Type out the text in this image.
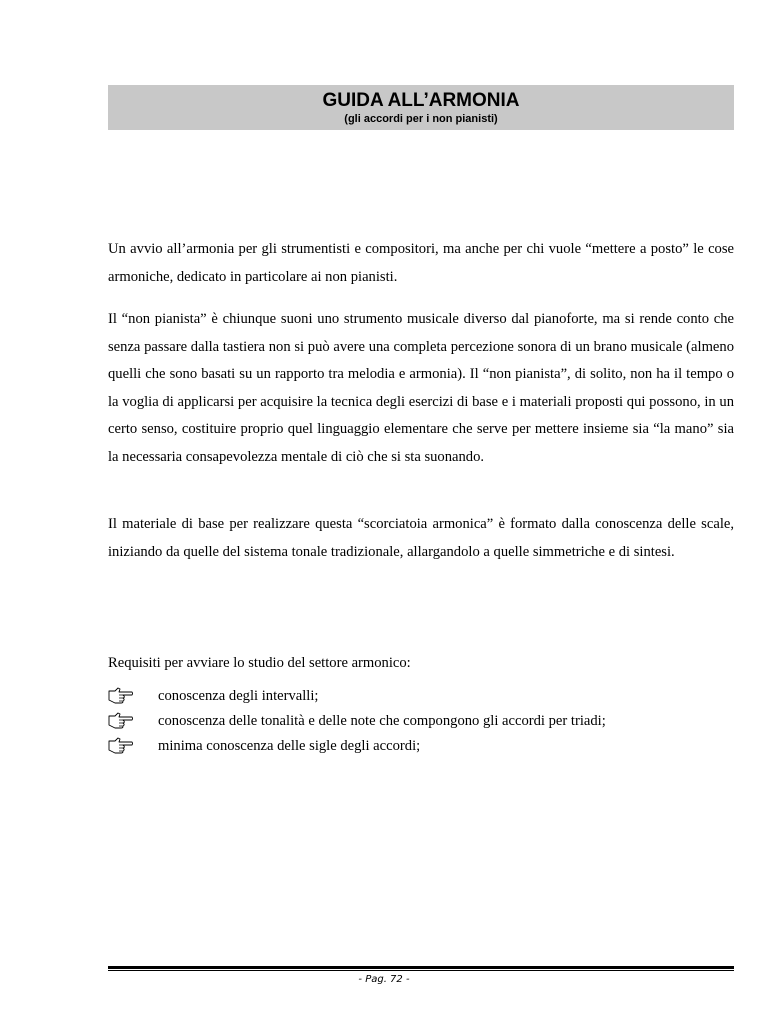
GUIDA ALL’ARMONIA
(gli accordi per i non pianisti)
Un avvio all’armonia per gli strumentisti e compositori, ma anche per chi vuole “mettere a posto” le cose armoniche, dedicato in particolare ai non pianisti.
Il “non pianista” è chiunque suoni uno strumento musicale diverso dal pianoforte, ma si rende conto che senza passare dalla tastiera non si può avere una completa percezione sonora di un brano musicale (almeno quelli che sono basati su un rapporto tra melodia e armonia). Il “non pianista”, di solito, non ha il tempo o la voglia di applicarsi per acquisire la tecnica degli esercizi di base e i materiali proposti qui possono, in un certo senso, costituire proprio quel linguaggio elementare che serve per mettere insieme sia “la mano” sia la necessaria consapevolezza mentale di ciò che si sta suonando.
Il materiale di base per realizzare questa “scorciatoia armonica” è formato dalla conoscenza delle scale, iniziando da quelle del sistema tonale tradizionale, allargandolo a quelle simmetriche e di sintesi.
Requisiti per avviare lo studio del settore armonico:
conoscenza degli intervalli;
conoscenza delle tonalità e delle note che compongono gli accordi per triadi;
minima conoscenza delle sigle degli accordi;
- Pag. 72 -
